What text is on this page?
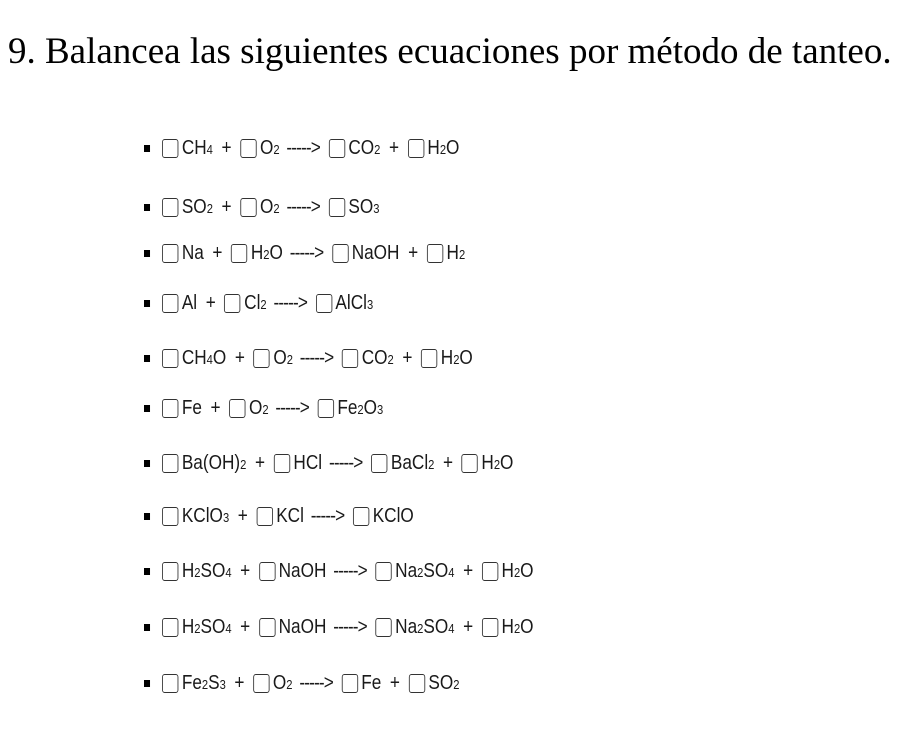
9. Balancea las siguientes ecuaciones por método de tanteo.
CH 4 + O 2 -----> CO 2 + H 2 O
SO 2 + O 2 -----> SO 3
Na + H 2 O -----> NaOH + H 2
Al + Cl 2 -----> AlCl 3
CH 4 O + O 2 -----> CO 2 + H 2 O
Fe + O 2 -----> Fe 2 O 3
Ba(OH) 2 + HCl -----> BaCl 2 + H 2 O
KClO 3 + KCl -----> KClO
H 2 SO 4 + NaOH -----> Na 2 SO 4 + H 2 O
H 2 SO 4 + NaOH -----> Na 2 SO 4 + H 2 O
Fe 2 S 3 + O 2 -----> Fe + SO 2
